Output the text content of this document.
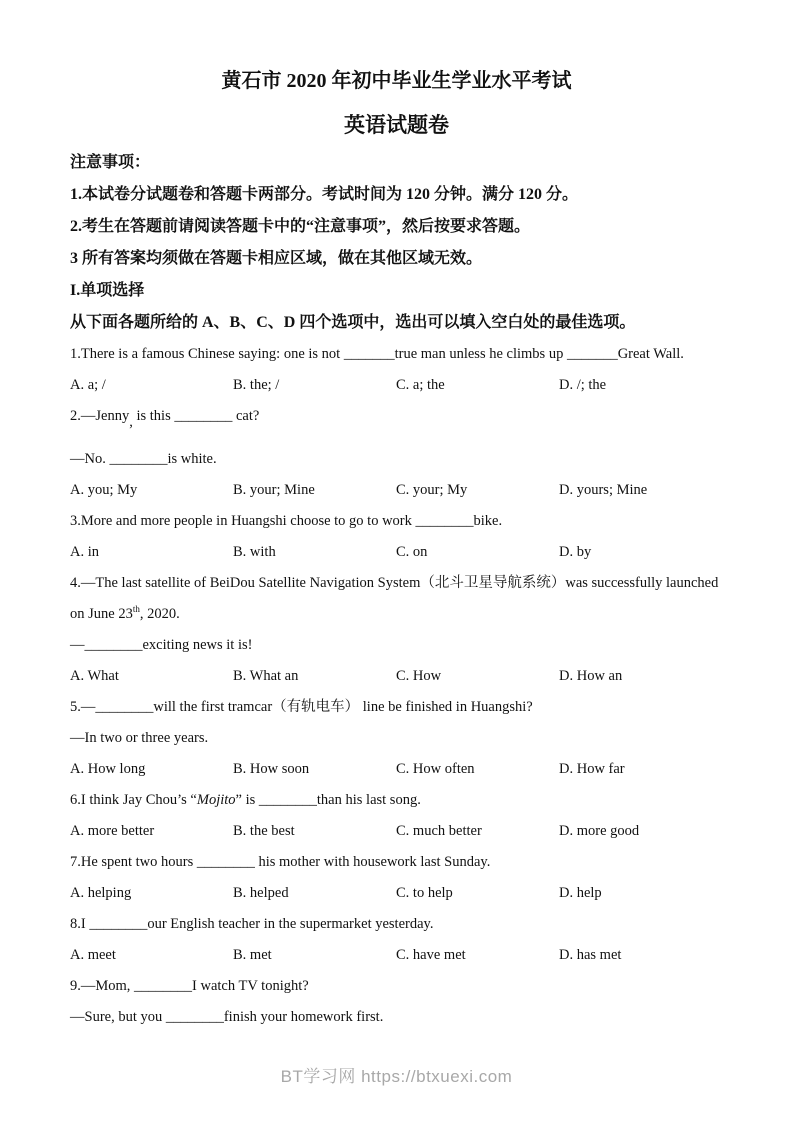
黄石市 2020 年初中毕业生学业水平考试
英语试题卷

注意事项：

1.本试卷分试题卷和答题卡两部分。考试时间为 120 分钟。满分 120 分。

2.考生在答题前请阅读答题卡中的“注意事项”，然后按要求答题。

3 所有答案均须做在答题卡相应区域，做在其他区域无效。

I.单项选择

从下面各题所给的 A、B、C、D 四个选项中，选出可以填入空白处的最佳选项。

1.There is a famous Chinese saying: one is not _______true man unless he climbs up _______Great Wall.

A. a; /	B. the; /	C. a; the	D. /; the

2.—Jenny, is this ________ cat?

—No. ________is white.

A. you; My	B. your; Mine	C. your; My	D. yours; Mine

3.More and more people in Huangshi choose to go to work ________bike.

A. in	B. with	C. on	D. by

4.—The last satellite of BeiDou Satellite Navigation System（北斗卫星导航系统）was successfully launched on June 23th, 2020.

—________exciting news it is!

A. What	B. What an	C. How	D. How an

5.—________will the first tramcar（有轨电车） line be finished in Huangshi?

—In two or three years.

A. How long	B. How soon	C. How often	D. How far

6.I think Jay Chou’s “Mojito” is ________than his last song.

A. more better	B. the best	C. much better	D. more good

7.He spent two hours ________ his mother with housework last Sunday.

A. helping	B. helped	C. to help	D. help

8.I ________our English teacher in the supermarket yesterday.

A. meet	B. met	C. have met	D. has met

9.—Mom, ________I watch TV tonight?

—Sure, but you ________finish your homework first.

BT学习网 https://btxuexi.com
